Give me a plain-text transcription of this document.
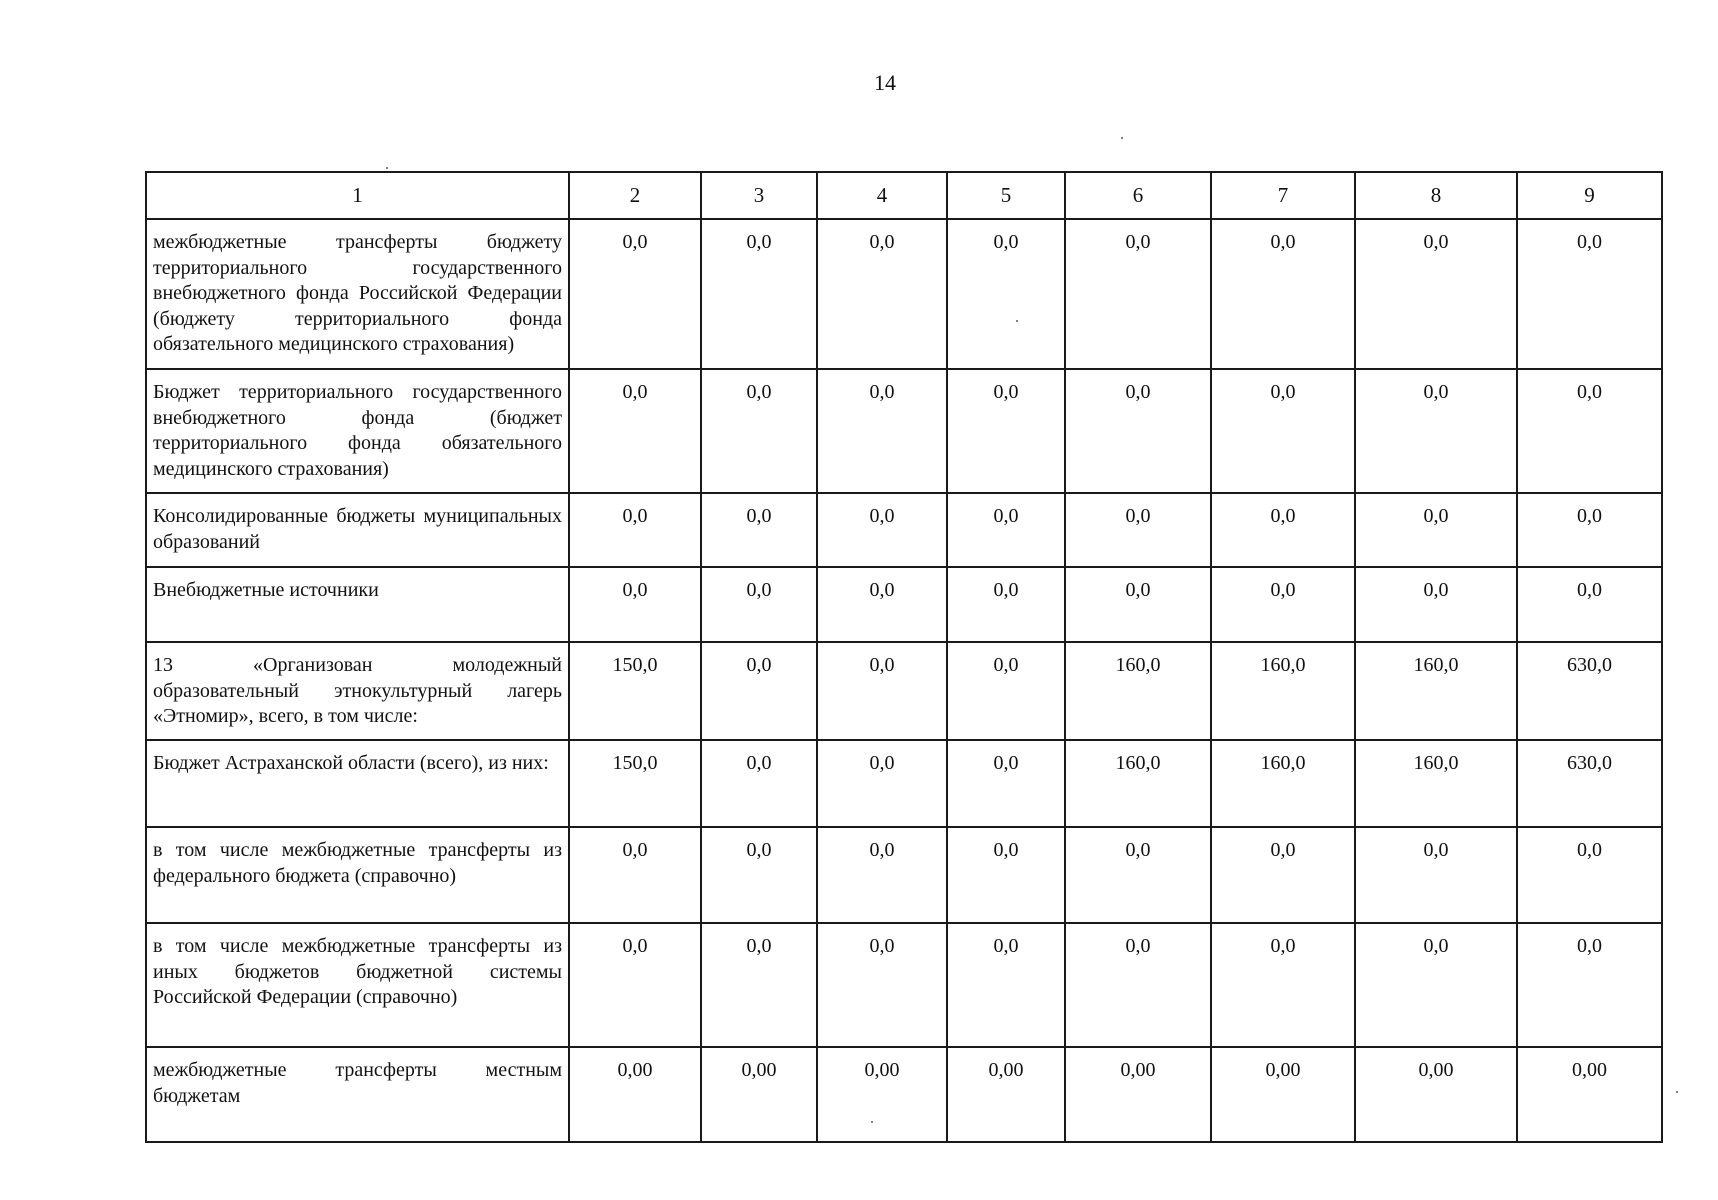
14
1	2	3	4	5	6	7	8	9
межбюджетные трансферты бюджету территориального государственного внебюджетного фонда Российской Федерации (бюджету территориального фонда обязательного медицинского страхования)	0,0	0,0	0,0	0,0	0,0	0,0	0,0	0,0
Бюджет территориального государственного внебюджетного фонда (бюджет территориального фонда обязательного медицинского страхования)	0,0	0,0	0,0	0,0	0,0	0,0	0,0	0,0
Консолидированные бюджеты муниципальных образований	0,0	0,0	0,0	0,0	0,0	0,0	0,0	0,0
Внебюджетные источники	0,0	0,0	0,0	0,0	0,0	0,0	0,0	0,0
13 «Организован молодежный образовательный этнокультурный лагерь «Этномир», всего, в том числе:	150,0	0,0	0,0	0,0	160,0	160,0	160,0	630,0
Бюджет Астраханской области (всего), из них:	150,0	0,0	0,0	0,0	160,0	160,0	160,0	630,0
в том числе межбюджетные трансферты из федерального бюджета (справочно)	0,0	0,0	0,0	0,0	0,0	0,0	0,0	0,0
в том числе межбюджетные трансферты из иных бюджетов бюджетной системы Российской Федерации (справочно)	0,0	0,0	0,0	0,0	0,0	0,0	0,0	0,0
межбюджетные трансферты местным бюджетам	0,00	0,00	0,00	0,00	0,00	0,00	0,00	0,00
